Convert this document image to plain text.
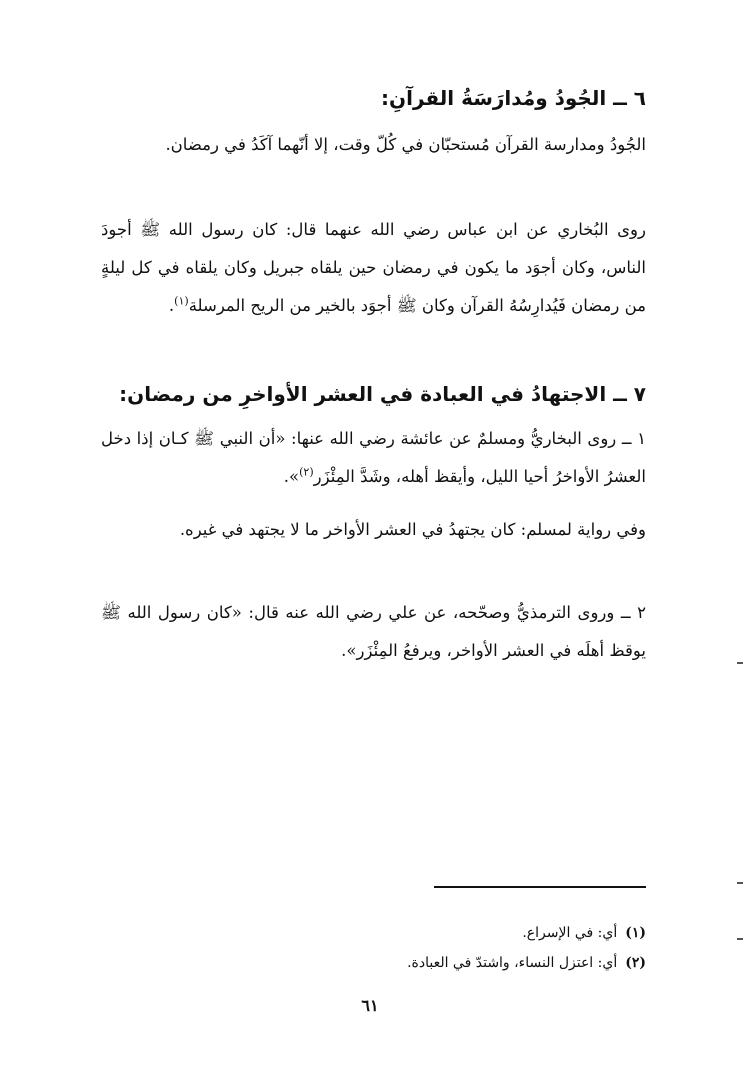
٦ ــ الجُودُ ومُدارَسَةُ القرآنِ:
الجُودُ ومدارسة القرآن مُستحبّان في كُلّ وقت، إلا أنّهما آكَدُ في رمضان.
روى البُخاري عن ابن عباس رضي الله عنهما قال: كان رسول الله ﷺ أجودَ الناس، وكان أجوَد ما يكون في رمضان حين يلقاه جبريل وكان يلقاه في كل ليلةٍ من رمضان فَيُدارِسُهُ القرآن وكان ﷺ أجوَد بالخير من الريح المرسلة$^{(١)}$.
٧ ــ الاجتهادُ في العبادة في العشر الأواخرِ من رمضان:
١ ــ روى البخاريُّ ومسلمٌ عن عائشة رضي الله عنها: «أن النبي ﷺ كـان إذا دخل العشرُ الأواخرُ أحيا الليل، وأيقظ أهله، وشَدَّ المِئْزَر$^{(٢)}$».
وفي رواية لمسلم: كان يجتهدُ في العشر الأواخر ما لا يجتهد في غيره.
٢ ــ وروى الترمذيُّ وصحّحه، عن علي رضي الله عنه قال: «كان رسول الله ﷺ يوقظ أهلَه في العشر الأواخر، ويرفعُ المِئْزَر».
(١)أي: في الإسراع.
(٢)أي: اعتزل النساء، واشتدّ في العبادة.
٦١
